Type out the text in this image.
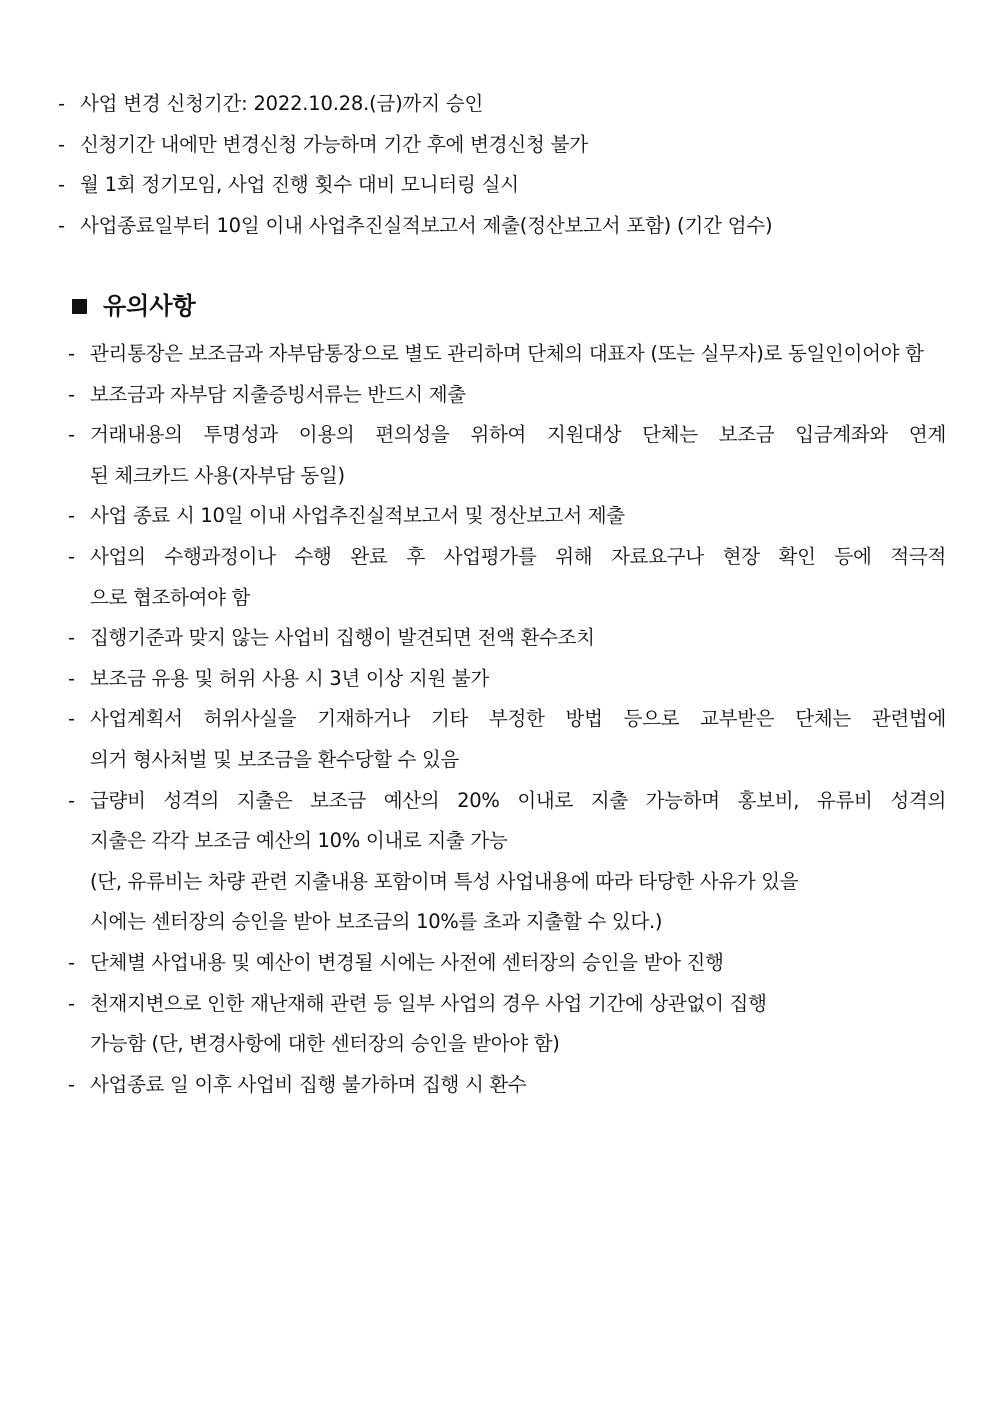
- 사업 변경 신청기간: 2022.10.28.(금)까지 승인
- 신청기간 내에만 변경신청 가능하며 기간 후에 변경신청 불가
- 월 1회 정기모임, 사업 진행 횟수 대비 모니터링 실시
- 사업종료일부터 10일 이내 사업추진실적보고서 제출(정산보고서 포함) (기간 엄수)
유의사항
- 관리통장은 보조금과 자부담통장으로 별도 관리하며 단체의 대표자 (또는 실무자)로 동일인이어야 함
- 보조금과 자부담 지출증빙서류는 반드시 제출
- 거래내용의 투명성과 이용의 편의성을 위하여 지원대상 단체는 보조금 입금계좌와 연계
된 체크카드 사용(자부담 동일)
- 사업 종료 시 10일 이내 사업추진실적보고서 및 정산보고서 제출
- 사업의 수행과정이나 수행 완료 후 사업평가를 위해 자료요구나 현장 확인 등에 적극적
으로 협조하여야 함
- 집행기준과 맞지 않는 사업비 집행이 발견되면 전액 환수조치
- 보조금 유용 및 허위 사용 시 3년 이상 지원 불가
- 사업계획서 허위사실을 기재하거나 기타 부정한 방법 등으로 교부받은 단체는 관련법에
의거 형사처벌 및 보조금을 환수당할 수 있음
- 급량비 성격의 지출은 보조금 예산의 20% 이내로 지출 가능하며 홍보비, 유류비 성격의
지출은 각각 보조금 예산의 10% 이내로 지출 가능
(단, 유류비는 차량 관련 지출내용 포함이며 특성 사업내용에 따라 타당한 사유가 있을
시에는 센터장의 승인을 받아 보조금의 10%를 초과 지출할 수 있다.)
- 단체별 사업내용 및 예산이 변경될 시에는 사전에 센터장의 승인을 받아 진행
- 천재지변으로 인한 재난재해 관련 등 일부 사업의 경우 사업 기간에 상관없이 집행
가능함 (단, 변경사항에 대한 센터장의 승인을 받아야 함)
- 사업종료 일 이후 사업비 집행 불가하며 집행 시 환수
